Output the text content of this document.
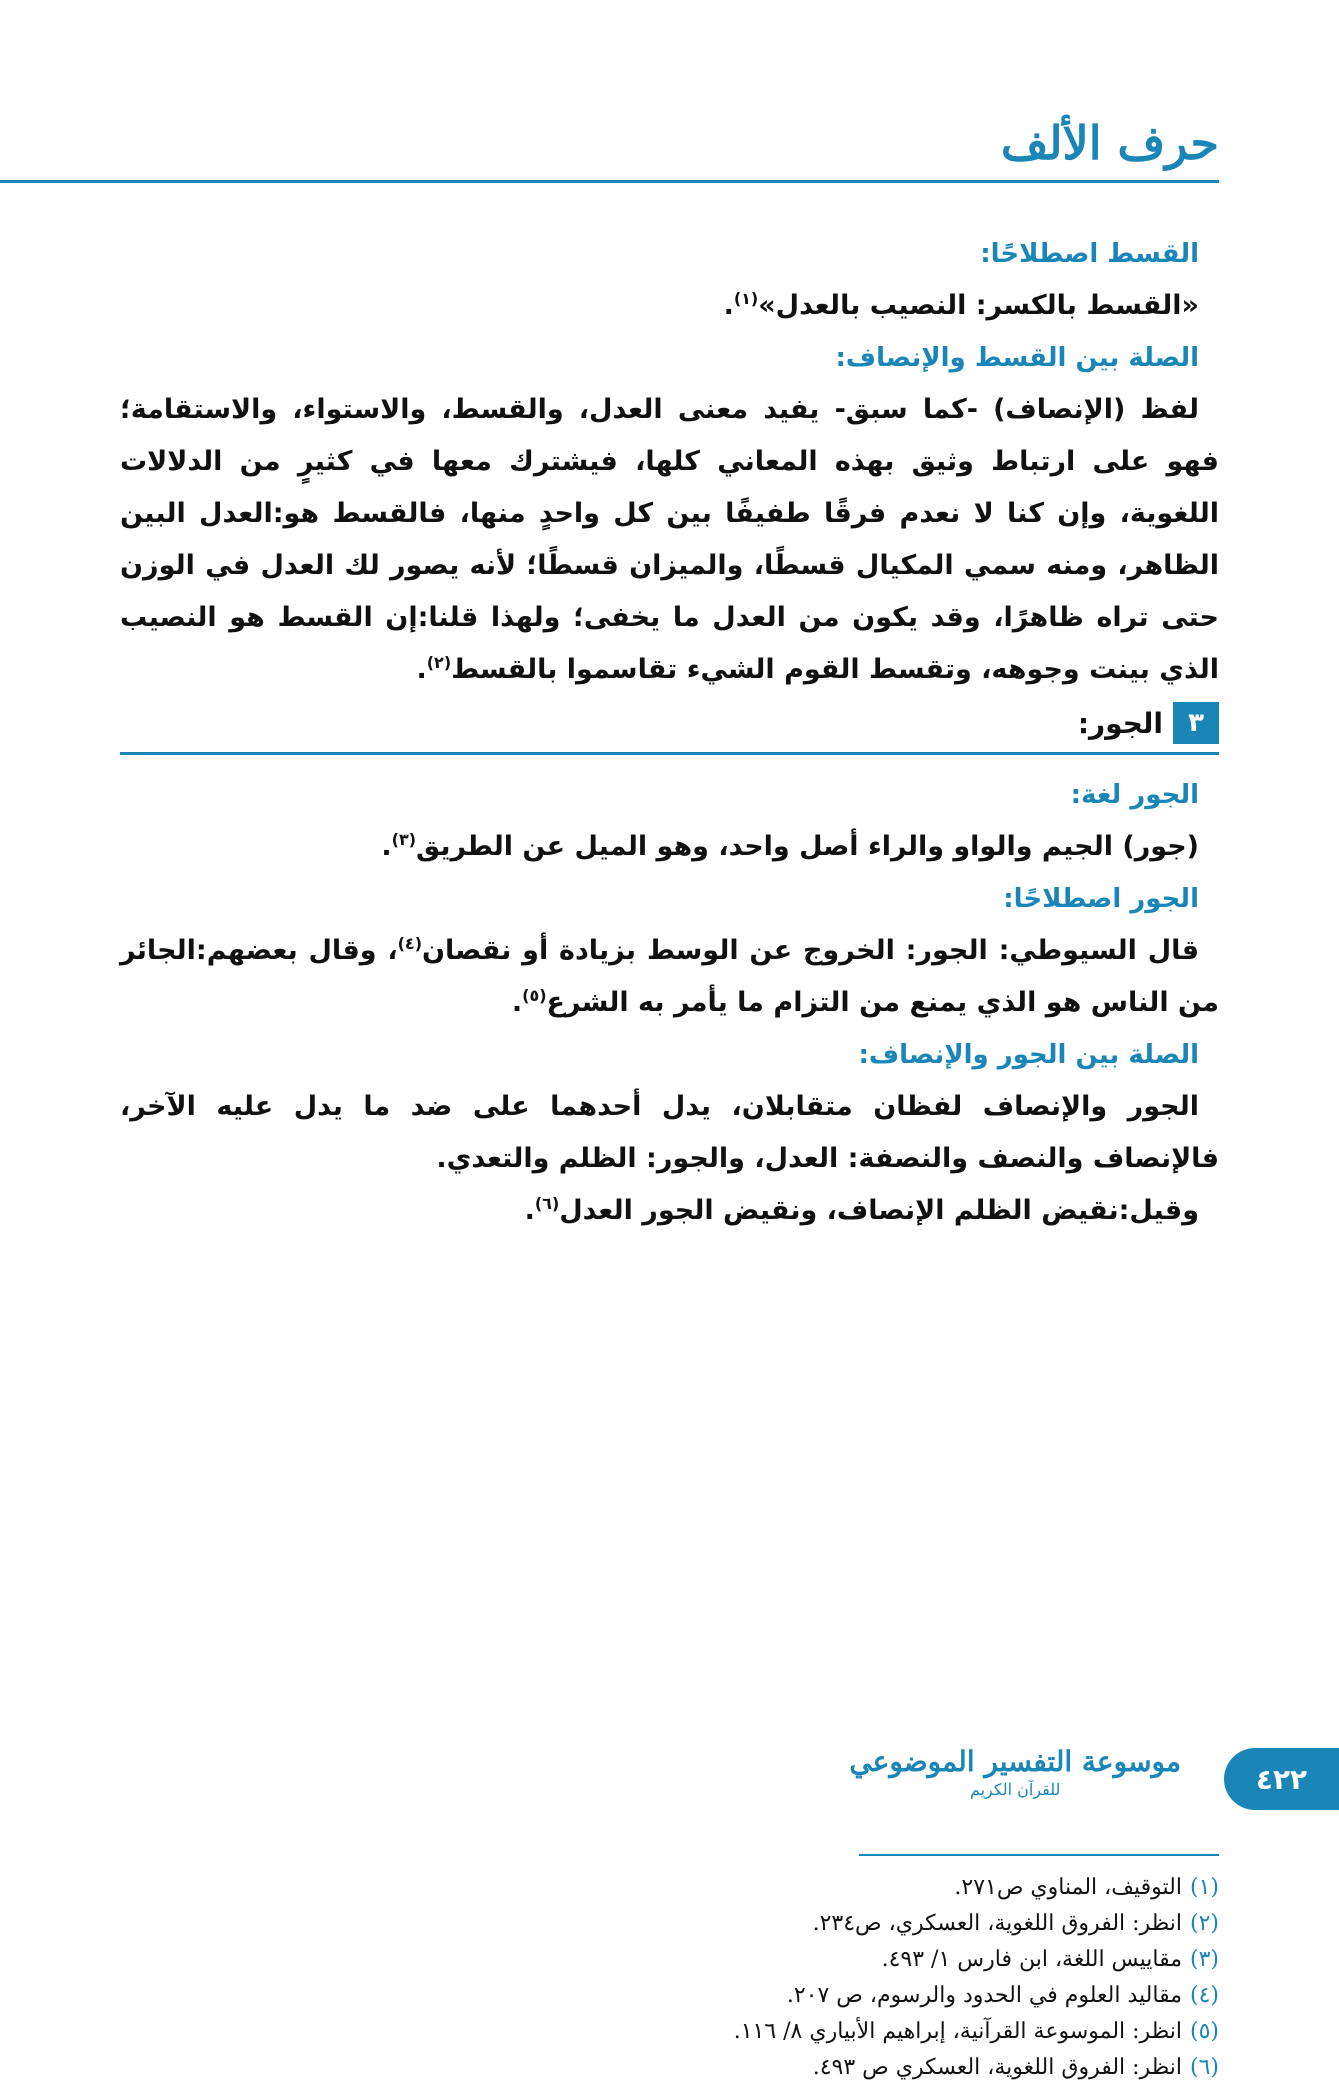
حرف الألف
القسط اصطلاحًا:

«القسط بالكسر: النصيب بالعدل»$^{(١)}$.

الصلة بين القسط والإنصاف:

لفظ (الإنصاف) -كما سبق- يفيد معنى العدل، والقسط، والاستواء، والاستقامة؛ فهو على ارتباط وثيق بهذه المعاني كلها، فيشترك معها في كثيرٍ من الدلالات اللغوية، وإن كنا لا نعدم فرقًا طفيفًا بين كل واحدٍ منها، فالقسط هو:العدل البين الظاهر، ومنه سمي المكيال قسطًا، والميزان قسطًا؛ لأنه يصور لك العدل في الوزن حتى تراه ظاهرًا، وقد يكون من العدل ما يخفى؛ ولهذا قلنا:إن القسط هو النصيب الذي بينت وجوهه، وتقسط القوم الشيء تقاسموا بالقسط$^{(٢)}$.

٣
الجور:
الجور لغة:

(جور) الجيم والواو والراء أصل واحد، وهو الميل عن الطريق$^{(٣)}$.

الجور اصطلاحًا:

قال السيوطي: الجور: الخروج عن الوسط بزيادة أو نقصان$^{(٤)}$، وقال بعضهم:الجائر من الناس هو الذي يمنع من التزام ما يأمر به الشرع$^{(٥)}$.

الصلة بين الجور والإنصاف:

الجور والإنصاف لفظان متقابلان، يدل أحدهما على ضد ما يدل عليه الآخر، فالإنصاف والنصف والنصفة: العدل، والجور: الظلم والتعدي.

وقيل:نقيض الظلم الإنصاف، ونقيض الجور العدل$^{(٦)}$.

(١)التوقيف، المناوي ص٢٧١.
(٢)انظر: الفروق اللغوية، العسكري، ص٢٣٤.
(٣)مقاييس اللغة، ابن فارس ١/ ٤٩٣.
(٤)مقاليد العلوم في الحدود والرسوم، ص ٢٠٧.
(٥)انظر: الموسوعة القرآنية، إبراهيم الأبياري ٨/ ١١٦.
(٦)انظر: الفروق اللغوية، العسكري ص ٤٩٣.
٤٢٢
موسوعة التفسير الموضوعي
للقرآن الكريم
